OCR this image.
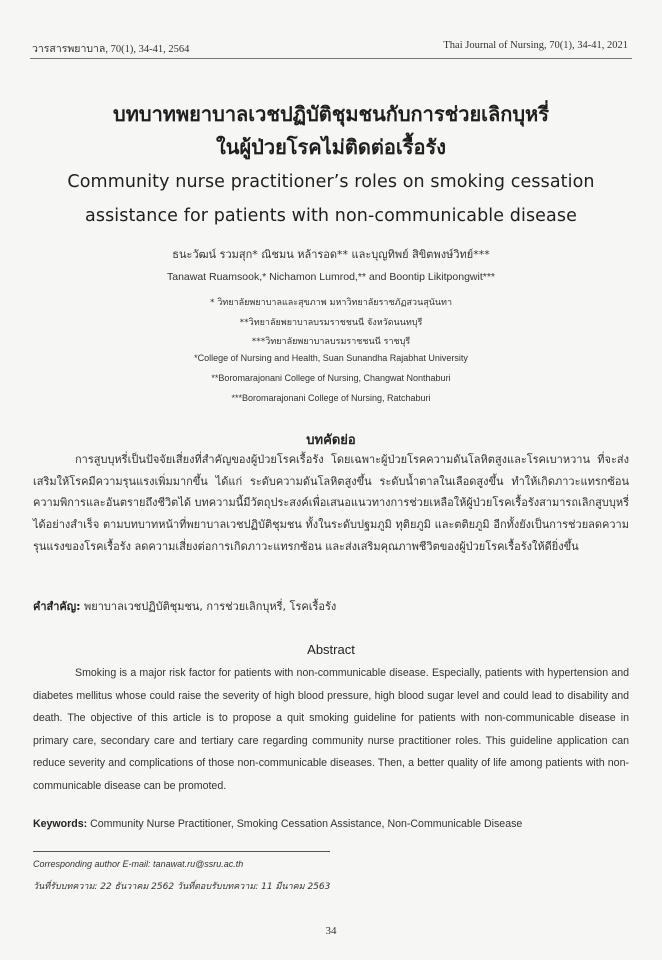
วารสารพยาบาล, 70(1), 34-41, 2564	Thai Journal of Nursing, 70(1), 34-41, 2021
บทบาทพยาบาลเวชปฏิบัติชุมชนกับการช่วยเลิกบุหรี่
ในผู้ป่วยโรคไม่ติดต่อเรื้อรัง
Community nurse practitioner’s roles on smoking cessation
assistance for patients with non-communicable disease
ธนะวัฒน์ รวมสุก* ณิชมน หล้ารอด** และบุญทิพย์ สิขิตพงษ์วิทย์***
Tanawat Ruamsook,* Nichamon Lumrod,** and Boontip Likitpongwit***
* วิทยาลัยพยาบาลและสุขภาพ มหาวิทยาลัยราชภัฏสวนสุนันทา
**วิทยาลัยพยาบาลบรมราชชนนี จังหวัดนนทบุรี
***วิทยาลัยพยาบาลบรมราชชนนี ราชบุรี
*College of Nursing and Health, Suan Sunandha Rajabhat University
**Boromarajonani College of Nursing, Changwat Nonthaburi
***Boromarajonani College of Nursing, Ratchaburi
บทคัดย่อ
การสูบบุหรี่เป็นปัจจัยเสี่ยงที่สำคัญของผู้ป่วยโรคเรื้อรัง โดยเฉพาะผู้ป่วยโรคความดันโลหิตสูงและโรคเบาหวาน ที่จะส่งเสริมให้โรคมีความรุนแรงเพิ่มมากขึ้น ได้แก่ ระดับความดันโลหิตสูงขึ้น ระดับน้ำตาลในเลือดสูงขึ้น ทำให้เกิดภาวะแทรกซ้อน ความพิการและอันตรายถึงชีวิตได้ บทความนี้มีวัตถุประสงค์เพื่อเสนอแนวทางการช่วยเหลือให้ผู้ป่วยโรคเรื้อรังสามารถเลิกสูบบุหรี่ได้อย่างสำเร็จ ตามบทบาทหน้าที่พยาบาลเวชปฏิบัติชุมชน ทั้งในระดับปฐมภูมิ ทุติยภูมิ และตติยภูมิ อีกทั้งยังเป็นการช่วยลดความรุนแรงของโรคเรื้อรัง ลดความเสี่ยงต่อการเกิดภาวะแทรกซ้อน และส่งเสริมคุณภาพชีวิตของผู้ป่วยโรคเรื้อรังให้ดียิ่งขึ้น
คำสำคัญ: พยาบาลเวชปฏิบัติชุมชน, การช่วยเลิกบุหรี่, โรคเรื้อรัง
Abstract
Smoking is a major risk factor for patients with non-communicable disease. Especially, patients with hypertension and diabetes mellitus whose could raise the severity of high blood pressure, high blood sugar level and could lead to disability and death. The objective of this article is to propose a quit smoking guideline for patients with non-communicable disease in primary care, secondary care and tertiary care regarding community nurse practitioner roles. This guideline application can reduce severity and complications of those non-communicable diseases. Then, a better quality of life among patients with non-communicable disease can be promoted.
Keywords: Community Nurse Practitioner, Smoking Cessation Assistance, Non-Communicable Disease
Corresponding author E-mail: tanawat.ru@ssru.ac.th
วันที่รับบทความ: 22 ธันวาคม 2562 วันที่ตอบรับบทความ: 11 มีนาคม 2563
34
